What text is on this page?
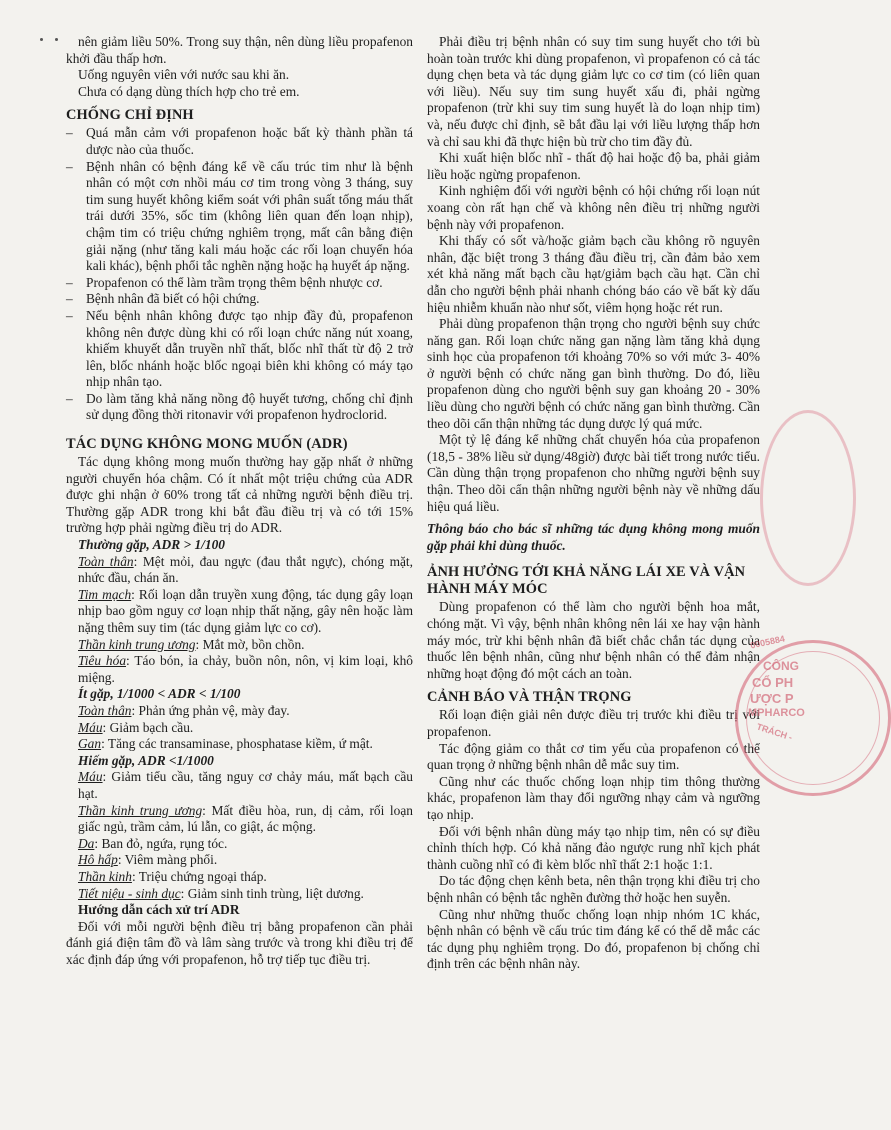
nên giảm liều 50%. Trong suy thận, nên dùng liều propafenon khởi đầu thấp hơn.

Uống nguyên viên với nước sau khi ăn.

Chưa có dạng dùng thích hợp cho trẻ em.

CHỐNG CHỈ ĐỊNH
– Quá mẫn cảm với propafenon hoặc bất kỳ thành phần tá dược nào của thuốc.
– Bệnh nhân có bệnh đáng kể về cấu trúc tim như là bệnh nhân có một cơn nhồi máu cơ tim trong vòng 3 tháng, suy tim sung huyết không kiểm soát với phân suất tống máu thất trái dưới 35%, sốc tim (không liên quan đến loạn nhịp), chậm tim có triệu chứng nghiêm trọng, mất cân bằng điện giải nặng (như tăng kali máu hoặc các rối loạn chuyển hóa kali khác), bệnh phổi tắc nghẽn nặng hoặc hạ huyết áp nặng.
– Propafenon có thể làm trầm trọng thêm bệnh nhược cơ.
– Bệnh nhân đã biết có hội chứng.
– Nếu bệnh nhân không được tạo nhịp đầy đủ, propafenon không nên được dùng khi có rối loạn chức năng nút xoang, khiếm khuyết dẫn truyền nhĩ thất, blốc nhĩ thất từ độ 2 trở lên, blốc nhánh hoặc blốc ngoại biên khi không có máy tạo nhịp nhân tạo.
– Do làm tăng khả năng nồng độ huyết tương, chống chỉ định sử dụng đồng thời ritonavir với propafenon hydroclorid.
TÁC DỤNG KHÔNG MONG MUỐN (ADR)

Tác dụng không mong muốn thường hay gặp nhất ở những người chuyển hóa chậm. Có ít nhất một triệu chứng của ADR được ghi nhận ở 60% trong tất cả những người bệnh điều trị. Thường gặp ADR trong khi bắt đầu điều trị và có tới 15% trường hợp phải ngừng điều trị do ADR.

Thường gặp, ADR > 1/100

Toàn thân: Mệt mỏi, đau ngực (đau thắt ngực), chóng mặt, nhức đầu, chán ăn.

Tim mạch: Rối loạn dẫn truyền xung động, tác dụng gây loạn nhịp bao gồm nguy cơ loạn nhịp thất nặng, gây nên hoặc làm nặng thêm suy tim (tác dụng giảm lực co cơ).

Thần kinh trung ương: Mắt mờ, bồn chồn.

Tiêu hóa: Táo bón, ỉa chảy, buồn nôn, nôn, vị kim loại, khô miệng.

Ít gặp, 1/1000 < ADR < 1/100

Toàn thân: Phản ứng phản vệ, mày đay.

Máu: Giảm bạch cầu.

Gan: Tăng các transaminase, phosphatase kiềm, ứ mật.

Hiếm gặp, ADR <1/1000

Máu: Giảm tiểu cầu, tăng nguy cơ chảy máu, mất bạch cầu hạt.

Thần kinh trung ương: Mất điều hòa, run, dị cảm, rối loạn giấc ngủ, trầm cảm, lú lẫn, co giật, ác mộng.

Da: Ban đỏ, ngứa, rụng tóc.

Hô hấp: Viêm màng phổi.

Thần kinh: Triệu chứng ngoại tháp.

Tiết niệu - sinh dục: Giảm sinh tinh trùng, liệt dương.

Hướng dẫn cách xử trí ADR

Đối với mỗi người bệnh điều trị bằng propafenon cần phải đánh giá điện tâm đồ và lâm sàng trước và trong khi điều trị để xác định đáp ứng với propafenon, hỗ trợ tiếp tục điều trị.

Phải điều trị bệnh nhân có suy tim sung huyết cho tới bù hoàn toàn trước khi dùng propafenon, vì propafenon có cả tác dụng chẹn beta và tác dụng giảm lực co cơ tim (có liên quan với liều). Nếu suy tim sung huyết xấu đi, phải ngừng propafenon (trừ khi suy tim sung huyết là do loạn nhịp tim) và, nếu được chỉ định, sẽ bắt đầu lại với liều lượng thấp hơn và chỉ sau khi đã thực hiện bù trừ cho tim đầy đủ.

Khi xuất hiện blốc nhĩ - thất độ hai hoặc độ ba, phải giảm liều hoặc ngừng propafenon.

Kinh nghiệm đối với người bệnh có hội chứng rối loạn nút xoang còn rất hạn chế và không nên điều trị những người bệnh này với propafenon.

Khi thấy có sốt và/hoặc giảm bạch cầu không rõ nguyên nhân, đặc biệt trong 3 tháng đầu điều trị, cần đảm bảo xem xét khả năng mất bạch cầu hạt/giảm bạch cầu hạt. Cần chỉ dẫn cho người bệnh phải nhanh chóng báo cáo về bất kỳ dấu hiệu nhiễm khuẩn nào như sốt, viêm họng hoặc rét run.

Phải dùng propafenon thận trọng cho người bệnh suy chức năng gan. Rối loạn chức năng gan nặng làm tăng khả dụng sinh học của propafenon tới khoảng 70% so với mức 3- 40% ở người bệnh có chức năng gan bình thường. Do đó, liều propafenon dùng cho người bệnh suy gan khoảng 20 - 30% liều dùng cho người bệnh có chức năng gan bình thường. Cần theo dõi cẩn thận những tác dụng dược lý quá mức.

Một tỷ lệ đáng kể những chất chuyển hóa của propafenon (18,5 - 38% liều sử dụng/48giờ) được bài tiết trong nước tiểu. Cần dùng thận trọng propafenon cho những người bệnh suy thận. Theo dõi cẩn thận những người bệnh này về những dấu hiệu quá liều.

Thông báo cho bác sĩ những tác dụng không mong muốn gặp phải khi dùng thuốc.

ẢNH HƯỞNG TỚI KHẢ NĂNG LÁI XE VÀ VẬN HÀNH MÁY MÓC

Dùng propafenon có thể làm cho người bệnh hoa mắt, chóng mặt. Vì vậy, bệnh nhân không nên lái xe hay vận hành máy móc, trừ khi bệnh nhân đã biết chắc chắn tác dụng của thuốc lên bệnh nhân, cũng như bệnh nhân có thể đảm nhận những hoạt động đó một cách an toàn.

CẢNH BÁO VÀ THẬN TRỌNG

Rối loạn điện giải nên được điều trị trước khi điều trị với propafenon.

Tác động giảm co thắt cơ tim yếu của propafenon có thể quan trọng ở những bệnh nhân dễ mắc suy tim.

Cũng như các thuốc chống loạn nhịp tim thông thường khác, propafenon làm thay đổi ngưỡng nhạy cảm và ngưỡng tạo nhịp.

Đối với bệnh nhân dùng máy tạo nhịp tim, nên có sự điều chỉnh thích hợp. Có khả năng đảo ngược rung nhĩ kịch phát thành cuồng nhĩ có đi kèm blốc nhĩ thất 2:1 hoặc 1:1.

Do tác động chẹn kênh beta, nên thận trọng khi điều trị cho bệnh nhân có bệnh tắc nghẽn đường thở hoặc hen suyễn.

Cũng như những thuốc chống loạn nhịp nhóm 1C khác, bệnh nhân có bệnh về cấu trúc tim đáng kể có thể dễ mắc các tác dụng phụ nghiêm trọng. Do đó, propafenon bị chống chỉ định trên các bệnh nhân này.

0005884
CÔNG
CỔ PH
ƯỢC P
MPHARCO
TRÁCH -
